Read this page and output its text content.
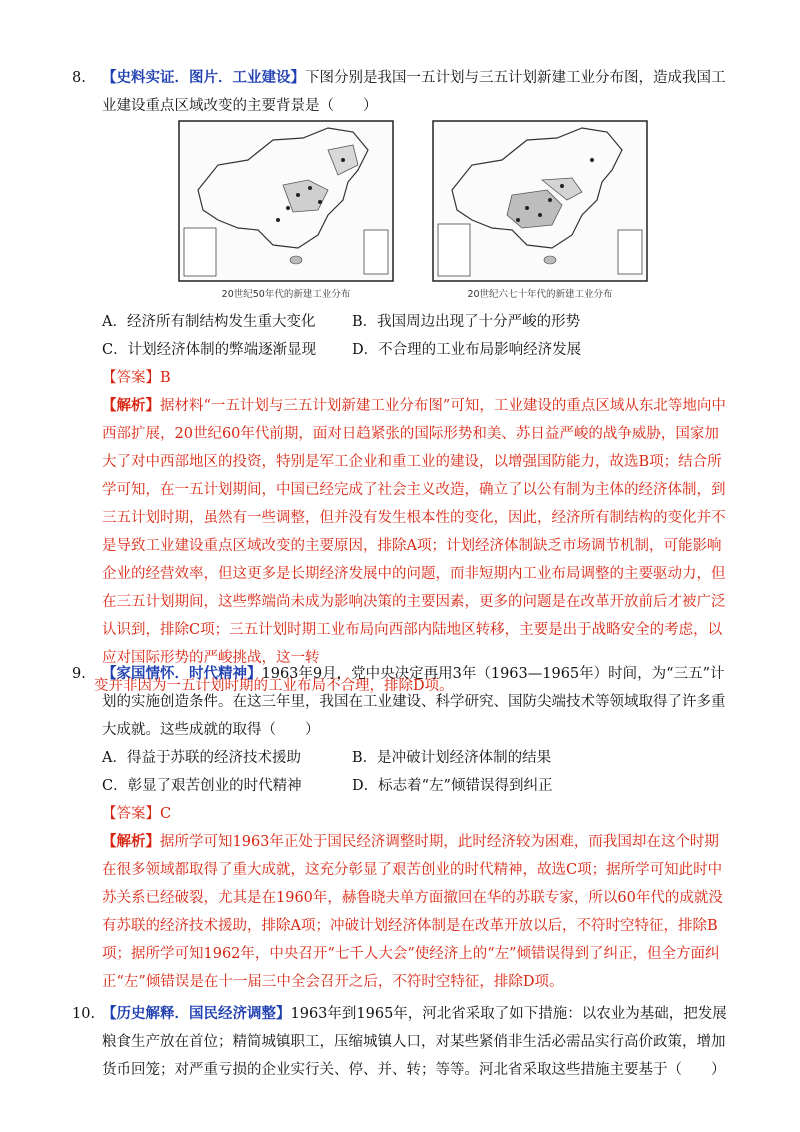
8.	【史料实证．图片．工业建设】下图分别是我国一五计划与三五计划新建工业分布图，造成我国工业建设重点区域改变的主要背景是（　　）
20世纪50年代的新建工业分布	20世纪六七十年代的新建工业分布
A．经济所有制结构发生重大变化	B．我国周边出现了十分严峻的形势
C．计划经济体制的弊端逐渐显现	D．不合理的工业布局影响经济发展
【答案】B
【解析】据材料“一五计划与三五计划新建工业分布图”可知，工业建设的重点区域从东北等地向中西部扩展，20世纪60年代前期，面对日趋紧张的国际形势和美、苏日益严峻的战争威胁，国家加大了对中西部地区的投资，特别是军工企业和重工业的建设，以增强国防能力，故选B项；结合所学可知，在一五计划期间，中国已经完成了社会主义改造，确立了以公有制为主体的经济体制，到三五计划时期，虽然有一些调整，但并没有发生根本性的变化，因此，经济所有制结构的变化并不是导致工业建设重点区域改变的主要原因，排除A项；计划经济体制缺乏市场调节机制，可能影响企业的经营效率，但这更多是长期经济发展中的问题，而非短期内工业布局调整的主要驱动力，但在三五计划期间，这些弊端尚未成为影响决策的主要因素，更多的问题是在改革开放前后才被广泛认识到，排除C项；三五计划时期工业布局向西部内陆地区转移，主要是出于战略安全的考虑，以应对国际形势的严峻挑战，这一转
变并非因为一五计划时期的工业布局不合理，排除D项。
9.	【家国情怀．时代精神】1963年9月，党中央决定再用3年（1963—1965年）时间，为“三五”计划的实施创造条件。在这三年里，我国在工业建设、科学研究、国防尖端技术等领域取得了许多重大成就。这些成就的取得（　　）
A．得益于苏联的经济技术援助	B．是冲破计划经济体制的结果
C．彰显了艰苦创业的时代精神	D．标志着“左”倾错误得到纠正
【答案】C
【解析】据所学可知1963年正处于国民经济调整时期，此时经济较为困难，而我国却在这个时期在很多领域都取得了重大成就，这充分彰显了艰苦创业的时代精神，故选C项；据所学可知此时中苏关系已经破裂，尤其是在1960年，赫鲁晓夫单方面撤回在华的苏联专家，所以60年代的成就没有苏联的经济技术援助，排除A项；冲破计划经济体制是在改革开放以后，不符时空特征，排除B项；据所学可知1962年，中央召开“七千人大会”使经济上的“左”倾错误得到了纠正，但全方面纠正“左”倾错误是在十一届三中全会召开之后，不符时空特征，排除D项。
10. 【历史解释．国民经济调整】1963年到1965年，河北省采取了如下措施：以农业为基础，把发展粮食生产放在首位；精简城镇职工，压缩城镇人口，对某些紧俏非生活必需品实行高价政策，增加货币回笼；对严重亏损的企业实行关、停、并、转；等等。河北省采取这些措施主要基于（　　）
